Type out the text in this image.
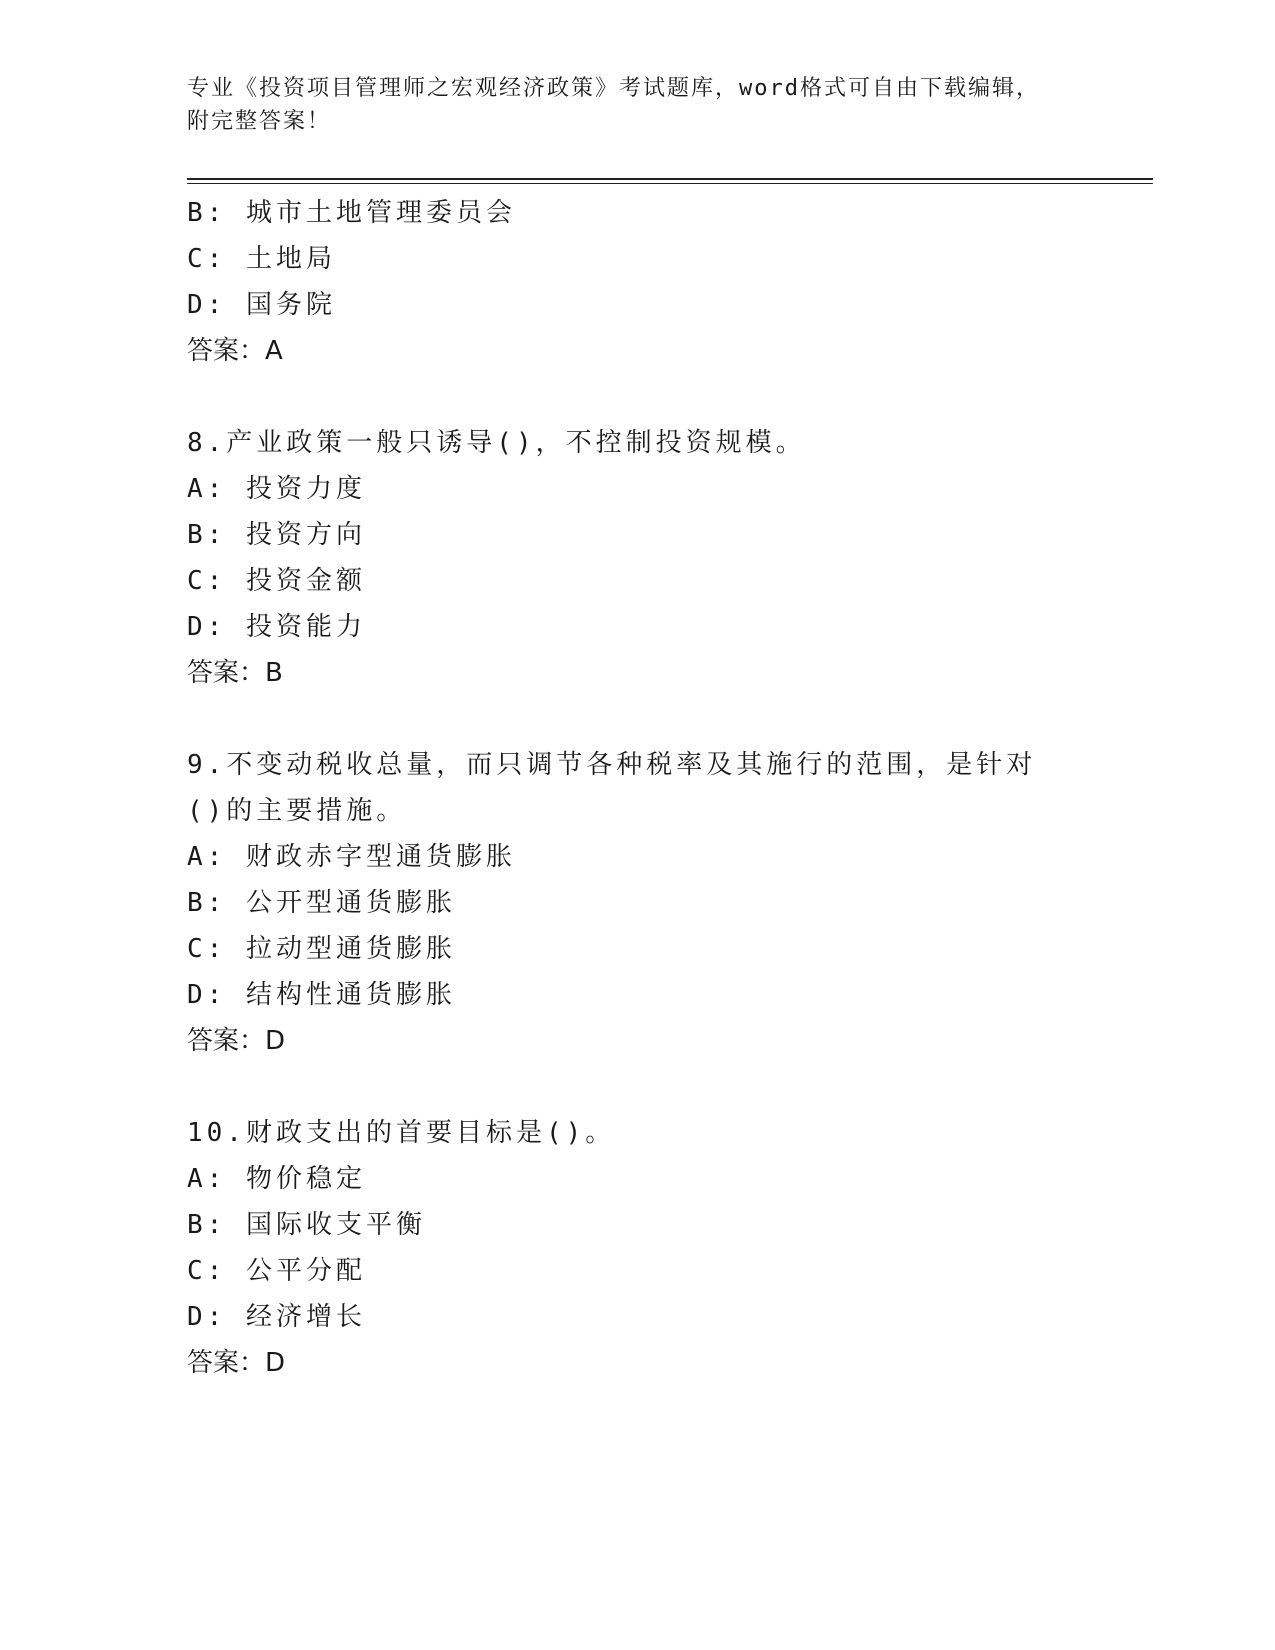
专业《投资项目管理师之宏观经济政策》考试题库，word格式可自由下载编辑，
附完整答案！
B: 城市土地管理委员会
C: 土地局
D: 国务院
答案：A
8.产业政策一般只诱导()，不控制投资规模。
A: 投资力度
B: 投资方向
C: 投资金额
D: 投资能力
答案：B
9.不变动税收总量，而只调节各种税率及其施行的范围，是针对()的主要措施。
A: 财政赤字型通货膨胀
B: 公开型通货膨胀
C: 拉动型通货膨胀
D: 结构性通货膨胀
答案：D
10.财政支出的首要目标是()。
A: 物价稳定
B: 国际收支平衡
C: 公平分配
D: 经济增长
答案：D
